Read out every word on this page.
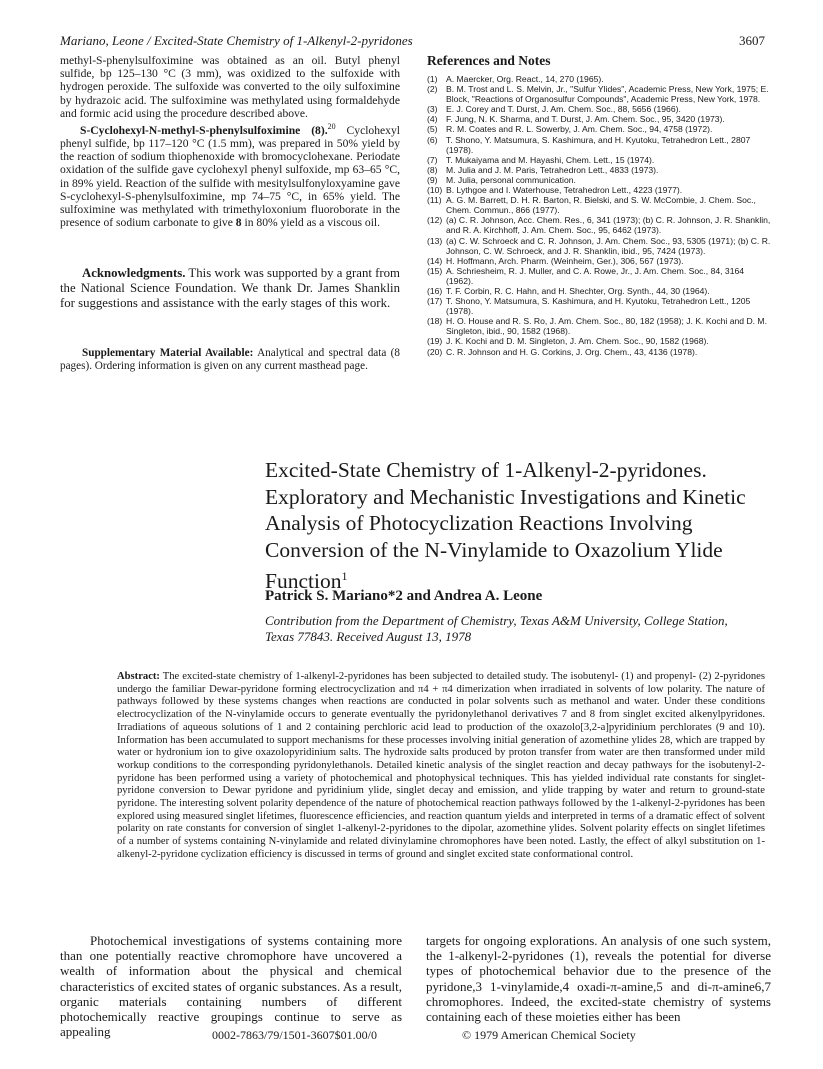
Mariano, Leone / Excited-State Chemistry of 1-Alkenyl-2-pyridones	3607

methyl-S-phenylsulfoximine was obtained as an oil. Butyl phenyl sulfide, bp 125–130 °C (3 mm), was oxidized to the sulfoxide with hydrogen peroxide. The sulfoxide was converted to the oily sulfoximine by hydrazoic acid. The sulfoximine was methylated using formaldehyde and formic acid using the procedure described above.

S-Cyclohexyl-N-methyl-S-phenylsulfoximine (8).$^{20}$ Cyclohexyl phenyl sulfide, bp 117–120 °C (1.5 mm), was prepared in 50% yield by the reaction of sodium thiophenoxide with bromocyclohexane. Periodate oxidation of the sulfide gave cyclohexyl phenyl sulfoxide, mp 63–65 °C, in 89% yield. Reaction of the sulfide with mesitylsulfonyloxyamine gave S-cyclohexyl-S-phenylsulfoximine, mp 74–75 °C, in 65% yield. The sulfoximine was methylated with trimethyloxonium fluoroborate in the presence of sodium carbonate to give 8 in 80% yield as a viscous oil.

Acknowledgments. This work was supported by a grant from the National Science Foundation. We thank Dr. James Shanklin for suggestions and assistance with the early stages of this work.
Supplementary Material Available: Analytical and spectral data (8 pages). Ordering information is given on any current masthead page.
References and Notes
(1) A. Maercker, Org. React., 14, 270 (1965).
(2) B. M. Trost and L. S. Melvin, Jr., "Sulfur Ylides", Academic Press, New York, 1975; E. Block, "Reactions of Organosulfur Compounds", Academic Press, New York, 1978.
(3) E. J. Corey and T. Durst, J. Am. Chem. Soc., 88, 5656 (1966).
(4) F. Jung, N. K. Sharma, and T. Durst, J. Am. Chem. Soc., 95, 3420 (1973).
(5) R. M. Coates and R. L. Sowerby, J. Am. Chem. Soc., 94, 4758 (1972).
(6) T. Shono, Y. Matsumura, S. Kashimura, and H. Kyutoku, Tetrahedron Lett., 2807 (1978).
(7) T. Mukaiyama and M. Hayashi, Chem. Lett., 15 (1974).
(8) M. Julia and J. M. Paris, Tetrahedron Lett., 4833 (1973).
(9) M. Julia, personal communication.
(10) B. Lythgoe and I. Waterhouse, Tetrahedron Lett., 4223 (1977).
(11) A. G. M. Barrett, D. H. R. Barton, R. Bielski, and S. W. McCombie, J. Chem. Soc., Chem. Commun., 866 (1977).
(12) (a) C. R. Johnson, Acc. Chem. Res., 6, 341 (1973); (b) C. R. Johnson, J. R. Shanklin, and R. A. Kirchhoff, J. Am. Chem. Soc., 95, 6462 (1973).
(13) (a) C. W. Schroeck and C. R. Johnson, J. Am. Chem. Soc., 93, 5305 (1971); (b) C. R. Johnson, C. W. Schroeck, and J. R. Shanklin, ibid., 95, 7424 (1973).
(14) H. Hoffmann, Arch. Pharm. (Weinheim, Ger.), 306, 567 (1973).
(15) A. Schriesheim, R. J. Muller, and C. A. Rowe, Jr., J. Am. Chem. Soc., 84, 3164 (1962).
(16) T. F. Corbin, R. C. Hahn, and H. Shechter, Org. Synth., 44, 30 (1964).
(17) T. Shono, Y. Matsumura, S. Kashimura, and H. Kyutoku, Tetrahedron Lett., 1205 (1978).
(18) H. O. House and R. S. Ro, J. Am. Chem. Soc., 80, 182 (1958); J. K. Kochi and D. M. Singleton, ibid., 90, 1582 (1968).
(19) J. K. Kochi and D. M. Singleton, J. Am. Chem. Soc., 90, 1582 (1968).
(20) C. R. Johnson and H. G. Corkins, J. Org. Chem., 43, 4136 (1978).
Excited-State Chemistry of 1-Alkenyl-2-pyridones. Exploratory and Mechanistic Investigations and Kinetic Analysis of Photocyclization Reactions Involving Conversion of the N-Vinylamide to Oxazolium Ylide Function$^1$
Patrick S. Mariano*2 and Andrea A. Leone
Contribution from the Department of Chemistry, Texas A&M University, College Station, Texas 77843. Received August 13, 1978
Abstract: The excited-state chemistry of 1-alkenyl-2-pyridones has been subjected to detailed study. The isobutenyl- (1) and propenyl- (2) 2-pyridones undergo the familiar Dewar-pyridone forming electrocyclization and π4 + π4 dimerization when irradiated in solvents of low polarity. The nature of pathways followed by these systems changes when reactions are conducted in polar solvents such as methanol and water. Under these conditions electrocyclization of the N-vinylamide occurs to generate eventually the pyridonylethanol derivatives 7 and 8 from singlet excited alkenylpyridones. Irradiations of aqueous solutions of 1 and 2 containing perchloric acid lead to production of the oxazolo[3,2-a]pyridinium perchlorates (9 and 10). Information has been accumulated to support mechanisms for these processes involving initial generation of azomethine ylides 28, which are trapped by water or hydronium ion to give oxazolopyridinium salts. The hydroxide salts produced by proton transfer from water are then transformed under mild workup conditions to the corresponding pyridonylethanols. Detailed kinetic analysis of the singlet reaction and decay pathways for the isobutenyl-2-pyridone has been performed using a variety of photochemical and photophysical techniques. This has yielded individual rate constants for singlet-pyridone conversion to Dewar pyridone and pyridinium ylide, singlet decay and emission, and ylide trapping by water and return to ground-state pyridone. The interesting solvent polarity dependence of the nature of photochemical reaction pathways followed by the 1-alkenyl-2-pyridones has been explored using measured singlet lifetimes, fluorescence efficiencies, and reaction quantum yields and interpreted in terms of a dramatic effect of solvent polarity on rate constants for conversion of singlet 1-alkenyl-2-pyridones to the dipolar, azomethine ylides. Solvent polarity effects on singlet lifetimes of a number of systems containing N-vinylamide and related divinylamine chromophores have been noted. Lastly, the effect of alkyl substitution on 1-alkenyl-2-pyridone cyclization efficiency is discussed in terms of ground and singlet excited state conformational control.
Photochemical investigations of systems containing more than one potentially reactive chromophore have uncovered a wealth of information about the physical and chemical characteristics of excited states of organic substances. As a result, organic materials containing numbers of different photochemically reactive groupings continue to serve as appealing
targets for ongoing explorations. An analysis of one such system, the 1-alkenyl-2-pyridones (1), reveals the potential for diverse types of photochemical behavior due to the presence of the pyridone,3 1-vinylamide,4 oxadi-π-amine,5 and di-π-amine6,7 chromophores. Indeed, the excited-state chemistry of systems containing each of these moieties either has been
0002-7863/79/1501-3607$01.00/0	© 1979 American Chemical Society
